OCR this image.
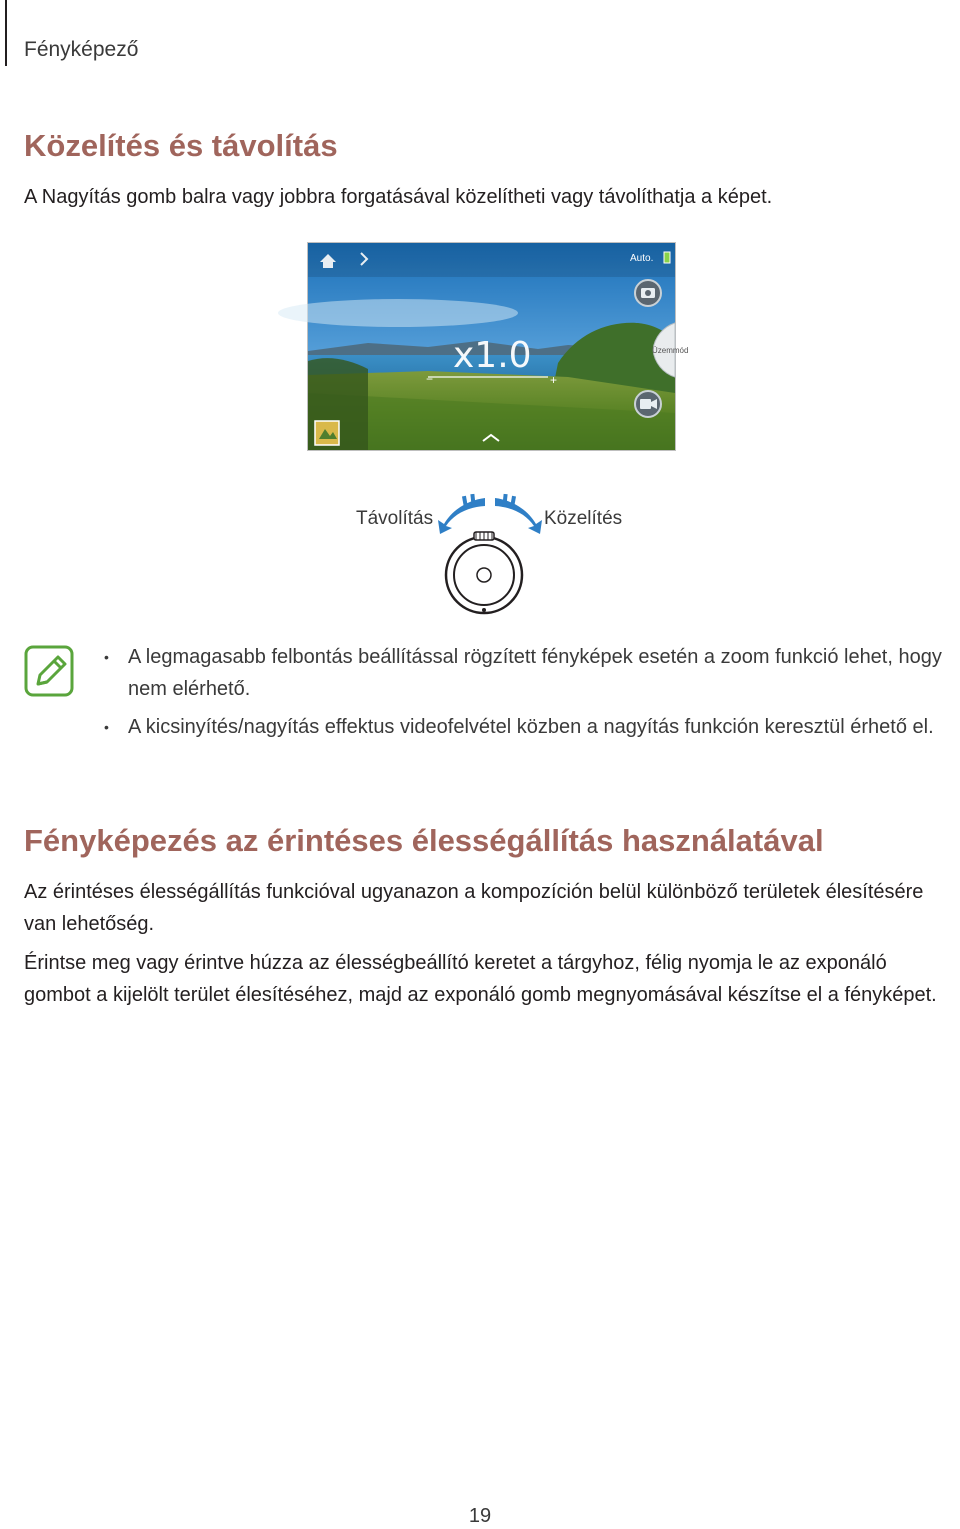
Fényképező
Közelítés és távolítás

A Nagyítás gomb balra vagy jobbra forgatásával közelítheti vagy távolíthatja a képet.

Auto.
Üzemmód
x1.0
−	+
Távolítás	Közelítés
• A legmagasabb felbontás beállítással rögzített fényképek esetén a zoom funkció lehet, hogy nem elérhető.
• A kicsinyítés/nagyítás effektus videofelvétel közben a nagyítás funkción keresztül érhető el.
Fényképezés az érintéses élességállítás használatával

Az érintéses élességállítás funkcióval ugyanazon a kompozíción belül különböző területek élesítésére van lehetőség.

Érintse meg vagy érintve húzza az élességbeállító keretet a tárgyhoz, félig nyomja le az exponáló gombot a kijelölt terület élesítéséhez, majd az exponáló gomb megnyomásával készítse el a fényképet.

19
